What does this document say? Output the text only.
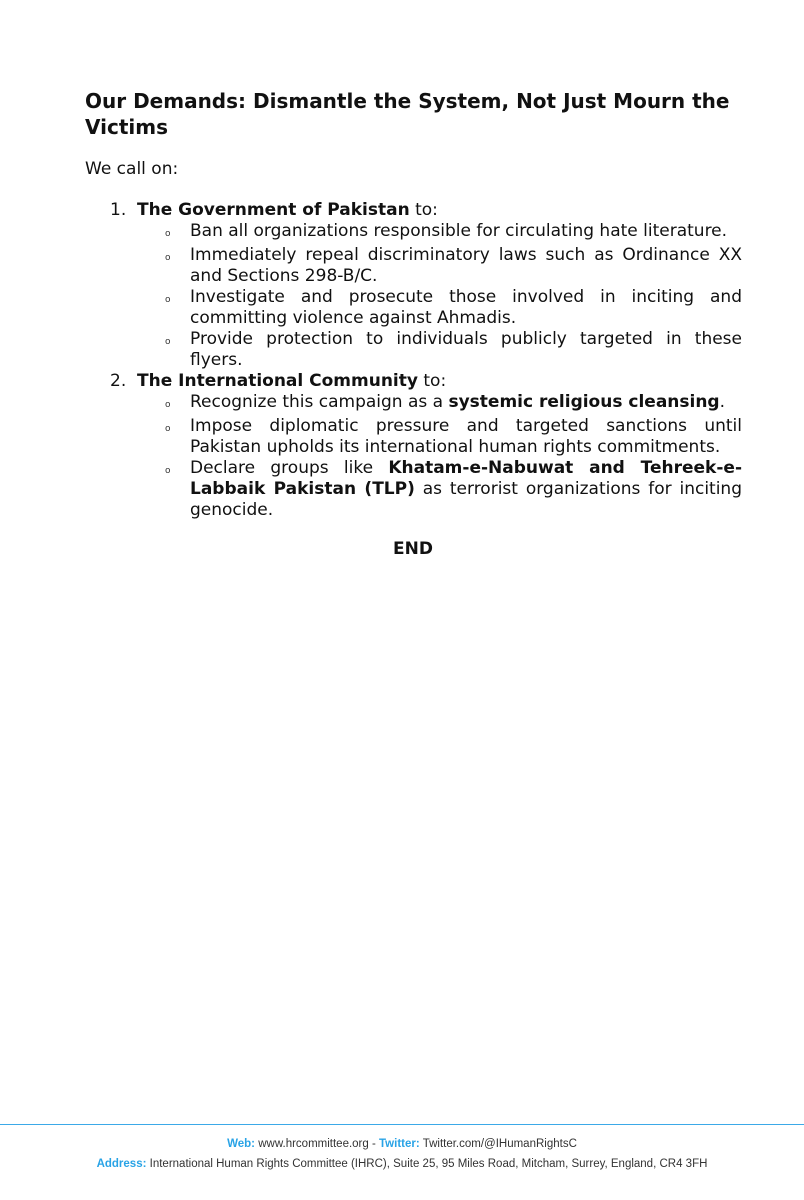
Our Demands: Dismantle the System, Not Just Mourn the Victims

We call on:

1. The Government of Pakistan to:
o	Ban all organizations responsible for circulating hate literature.
o	Immediately repeal discriminatory laws such as Ordinance XX and Sections 298-B/C.
o	Investigate and prosecute those involved in inciting and committing violence against Ahmadis.
o	Provide protection to individuals publicly targeted in these flyers.
2. The International Community to:
o	Recognize this campaign as a systemic religious cleansing.
o	Impose diplomatic pressure and targeted sanctions until Pakistan upholds its international human rights commitments.
o	Declare groups like Khatam-e-Nabuwat and Tehreek-e-Labbaik Pakistan (TLP) as terrorist organizations for inciting genocide.

END

Web: www.hrcommittee.org - Twitter: Twitter.com/@IHumanRightsC
Address: International Human Rights Committee (IHRC), Suite 25, 95 Miles Road, Mitcham, Surrey, England, CR4 3FH
